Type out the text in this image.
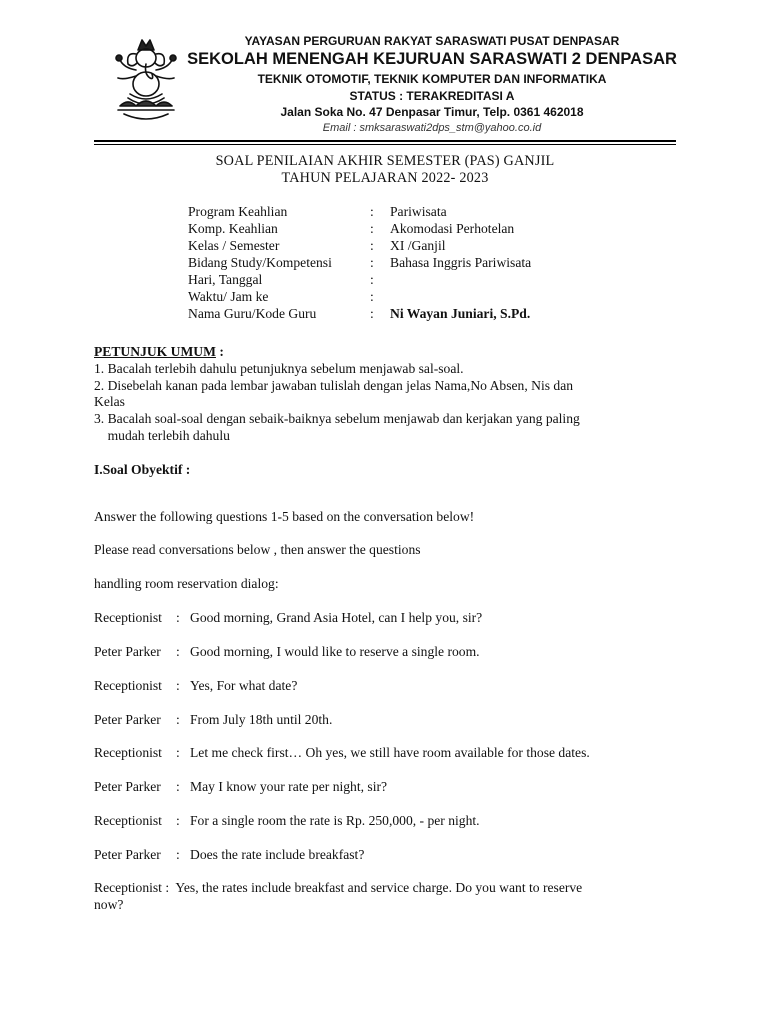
YAYASAN PERGURUAN RAKYAT SARASWATI PUSAT DENPASAR
SEKOLAH MENENGAH KEJURUAN SARASWATI 2 DENPASAR
TEKNIK OTOMOTIF, TEKNIK KOMPUTER DAN INFORMATIKA
STATUS : TERAKREDITASI A
Jalan Soka No. 47 Denpasar Timur, Telp. 0361 462018
Email : smksaraswati2dps_stm@yahoo.co.id
SOAL PENILAIAN AKHIR SEMESTER (PAS) GANJIL
TAHUN PELAJARAN 2022- 2023
Program Keahlian	: Pariwisata
Komp. Keahlian	: Akomodasi Perhotelan
Kelas / Semester	: XI /Ganjil
Bidang Study/Kompetensi	: Bahasa Inggris Pariwisata
Hari, Tanggal	:
Waktu/ Jam ke	:
Nama Guru/Kode Guru	: Ni Wayan Juniari, S.Pd.
PETUNJUK UMUM :
1. Bacalah terlebih dahulu petunjuknya sebelum menjawab sal-soal.
2. Disebelah kanan pada lembar jawaban tulislah dengan jelas Nama,No Absen, Nis dan
Kelas
3. Bacalah soal-soal dengan sebaik-baiknya sebelum menjawab dan kerjakan yang paling
mudah terlebih dahulu
I.Soal Obyektif :
Answer the following questions 1-5 based on the conversation below!
Please read conversations below , then answer the questions
handling room reservation dialog:
Receptionist : Good morning, Grand Asia Hotel, can I help you, sir?
Peter Parker : Good morning, I would like to reserve a single room.
Receptionist : Yes, For what date?
Peter Parker : From July 18th until 20th.
Receptionist : Let me check first… Oh yes, we still have room available for those dates.
Peter Parker : May I know your rate per night, sir?
Receptionist : For a single room the rate is Rp. 250,000, - per night.
Peter Parker : Does the rate include breakfast?
Receptionist :  Yes, the rates include breakfast and service charge. Do you want to reserve
now?
